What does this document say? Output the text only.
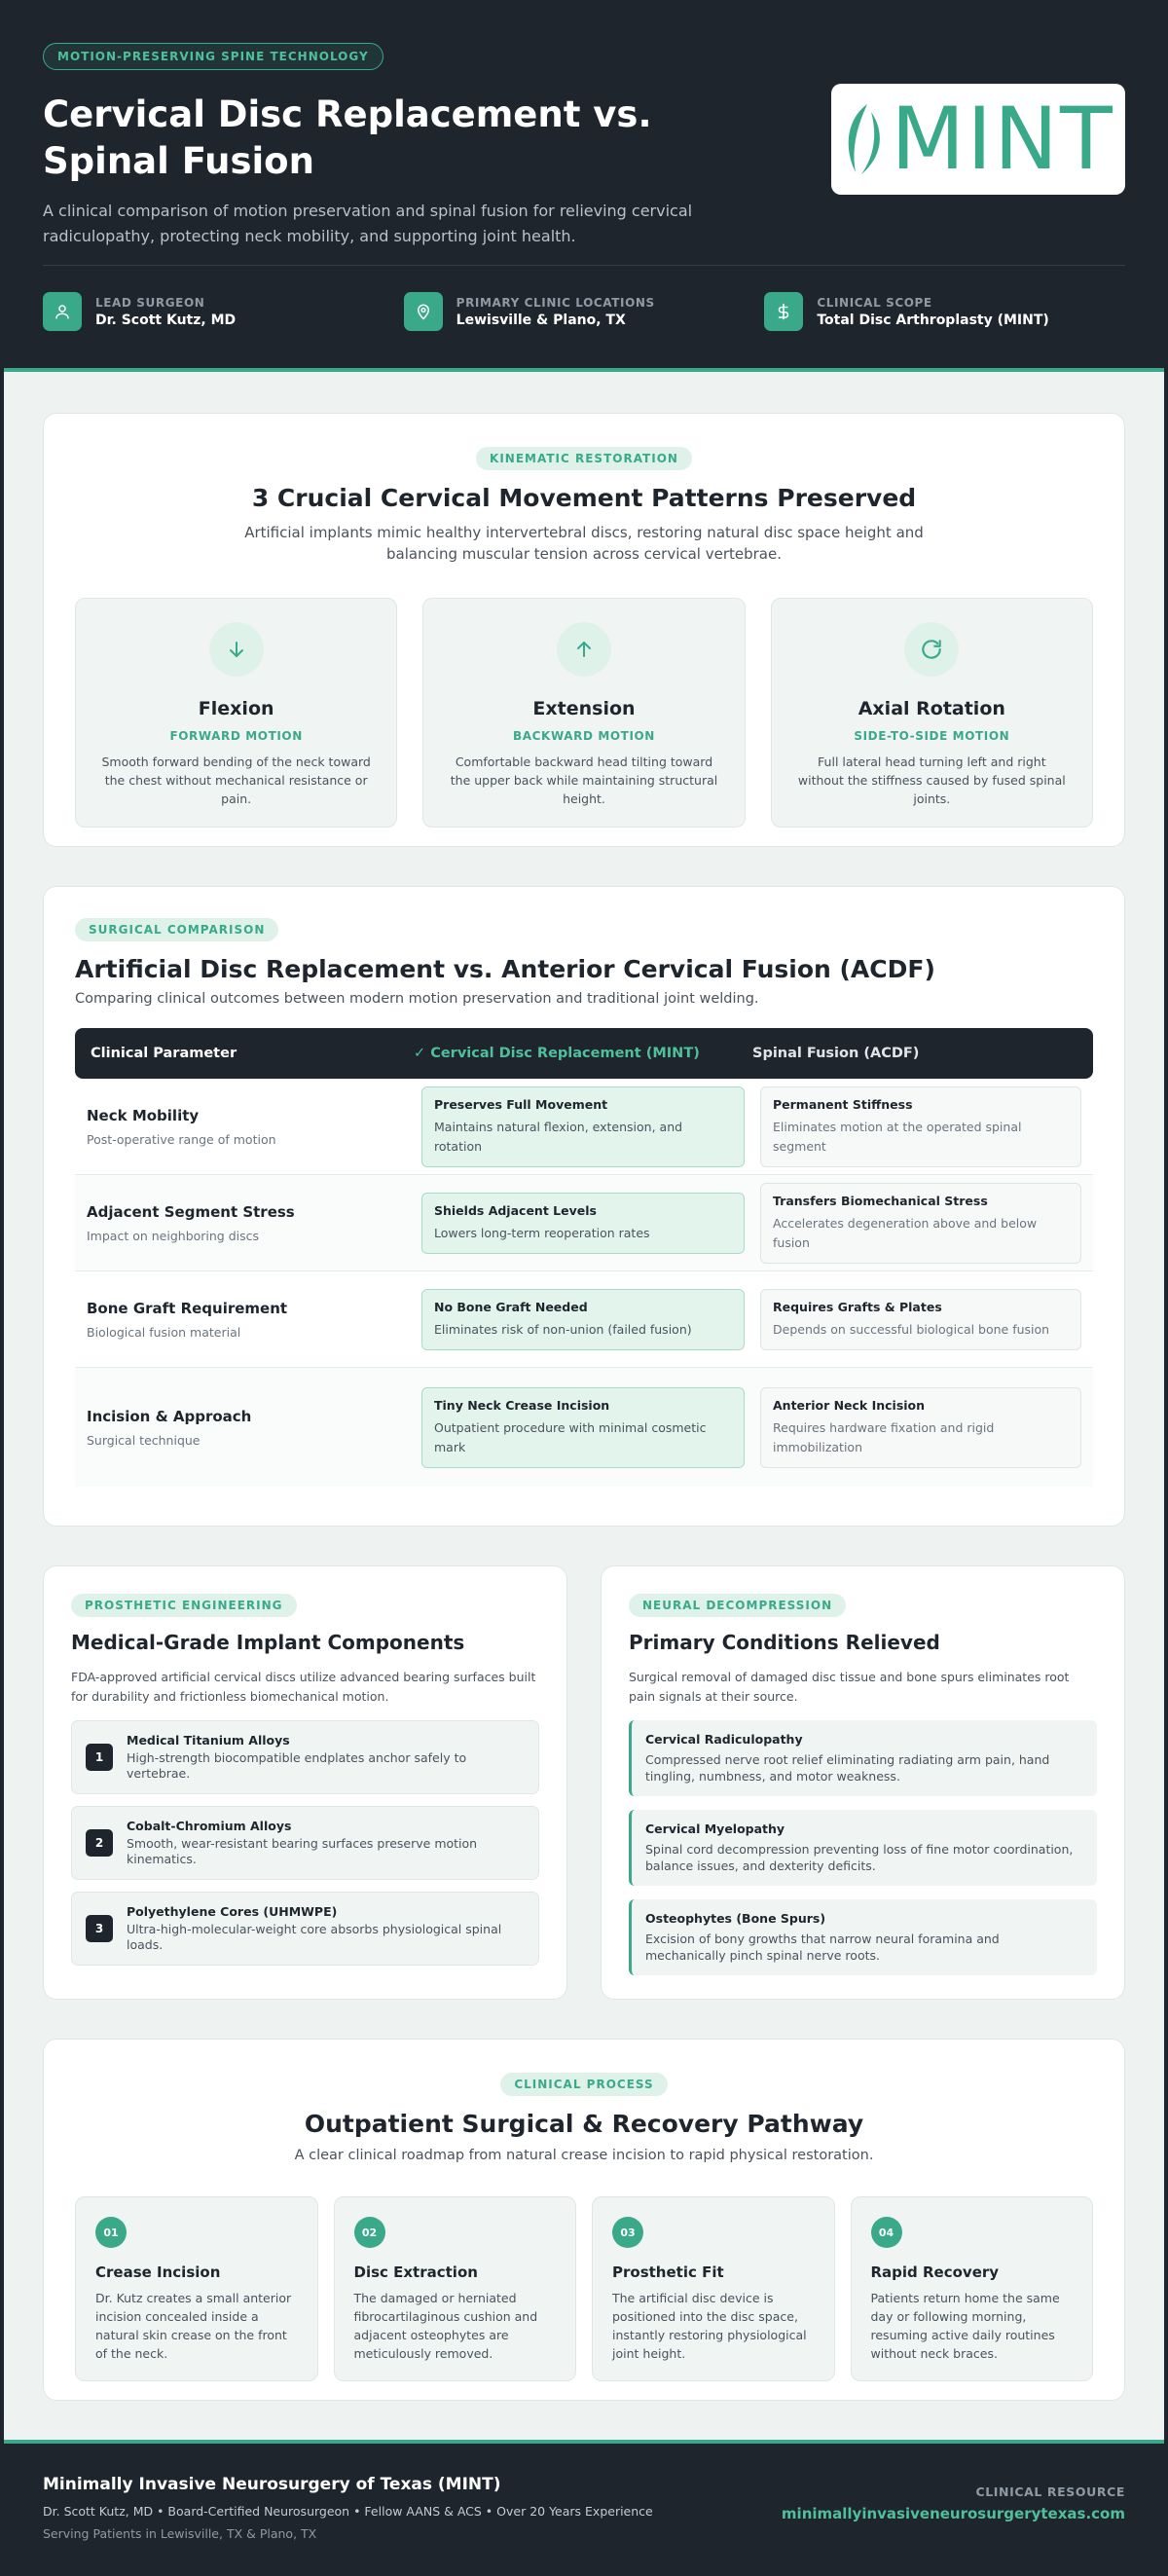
MOTION-PRESERVING SPINE TECHNOLOGY
Cervical Disc Replacement vs. Spinal Fusion

A clinical comparison of motion preservation and spinal fusion for relieving cervical radiculopathy, protecting neck mobility, and supporting joint health.

MINT
LEAD SURGEON
Dr. Scott Kutz, MD
PRIMARY CLINIC LOCATIONS
Lewisville & Plano, TX
CLINICAL SCOPE
Total Disc Arthroplasty (MINT)
KINEMATIC RESTORATION
3 Crucial Cervical Movement Patterns Preserved

Artificial implants mimic healthy intervertebral discs, restoring natural disc space height and balancing muscular tension across cervical vertebrae.

Flexion
FORWARD MOTION

Smooth forward bending of the neck toward the chest without mechanical resistance or pain.

Extension
BACKWARD MOTION

Comfortable backward head tilting toward the upper back while maintaining structural height.

Axial Rotation
SIDE-TO-SIDE MOTION

Full lateral head turning left and right without the stiffness caused by fused spinal joints.

SURGICAL COMPARISON
Artificial Disc Replacement vs. Anterior Cervical Fusion (ACDF)

Comparing clinical outcomes between modern motion preservation and traditional joint welding.

Clinical Parameter	✓ Cervical Disc Replacement (MINT)	Spinal Fusion (ACDF)
Neck Mobility
Post-operative range of motion
Preserves Full Movement
Maintains natural flexion, extension, and rotation
Permanent Stiffness
Eliminates motion at the operated spinal segment
Adjacent Segment Stress
Impact on neighboring discs
Shields Adjacent Levels
Lowers long-term reoperation rates
Transfers Biomechanical Stress
Accelerates degeneration above and below fusion
Bone Graft Requirement
Biological fusion material
No Bone Graft Needed
Eliminates risk of non-union (failed fusion)
Requires Grafts & Plates
Depends on successful biological bone fusion
Incision & Approach
Surgical technique
Tiny Neck Crease Incision
Outpatient procedure with minimal cosmetic mark
Anterior Neck Incision
Requires hardware fixation and rigid immobilization
PROSTHETIC ENGINEERING
Medical-Grade Implant Components

FDA-approved artificial cervical discs utilize advanced bearing surfaces built for durability and frictionless biomechanical motion.

1
Medical Titanium Alloys
High-strength biocompatible endplates anchor safely to vertebrae.
2
Cobalt-Chromium Alloys
Smooth, wear-resistant bearing surfaces preserve motion kinematics.
3
Polyethylene Cores (UHMWPE)
Ultra-high-molecular-weight core absorbs physiological spinal loads.
NEURAL DECOMPRESSION
Primary Conditions Relieved

Surgical removal of damaged disc tissue and bone spurs eliminates root pain signals at their source.

Cervical Radiculopathy
Compressed nerve root relief eliminating radiating arm pain, hand tingling, numbness, and motor weakness.
Cervical Myelopathy
Spinal cord decompression preventing loss of fine motor coordination, balance issues, and dexterity deficits.
Osteophytes (Bone Spurs)
Excision of bony growths that narrow neural foramina and mechanically pinch spinal nerve roots.
CLINICAL PROCESS
Outpatient Surgical & Recovery Pathway

A clear clinical roadmap from natural crease incision to rapid physical restoration.

01
Crease Incision

Dr. Kutz creates a small anterior incision concealed inside a natural skin crease on the front of the neck.

02
Disc Extraction

The damaged or herniated fibrocartilaginous cushion and adjacent osteophytes are meticulously removed.

03
Prosthetic Fit

The artificial disc device is positioned into the disc space, instantly restoring physiological joint height.

04
Rapid Recovery

Patients return home the same day or following morning, resuming active daily routines without neck braces.

Minimally Invasive Neurosurgery of Texas (MINT)
Dr. Scott Kutz, MD • Board-Certified Neurosurgeon • Fellow AANS & ACS • Over 20 Years Experience
Serving Patients in Lewisville, TX & Plano, TX
CLINICAL RESOURCE
minimallyinvasiveneurosurgerytexas.com
